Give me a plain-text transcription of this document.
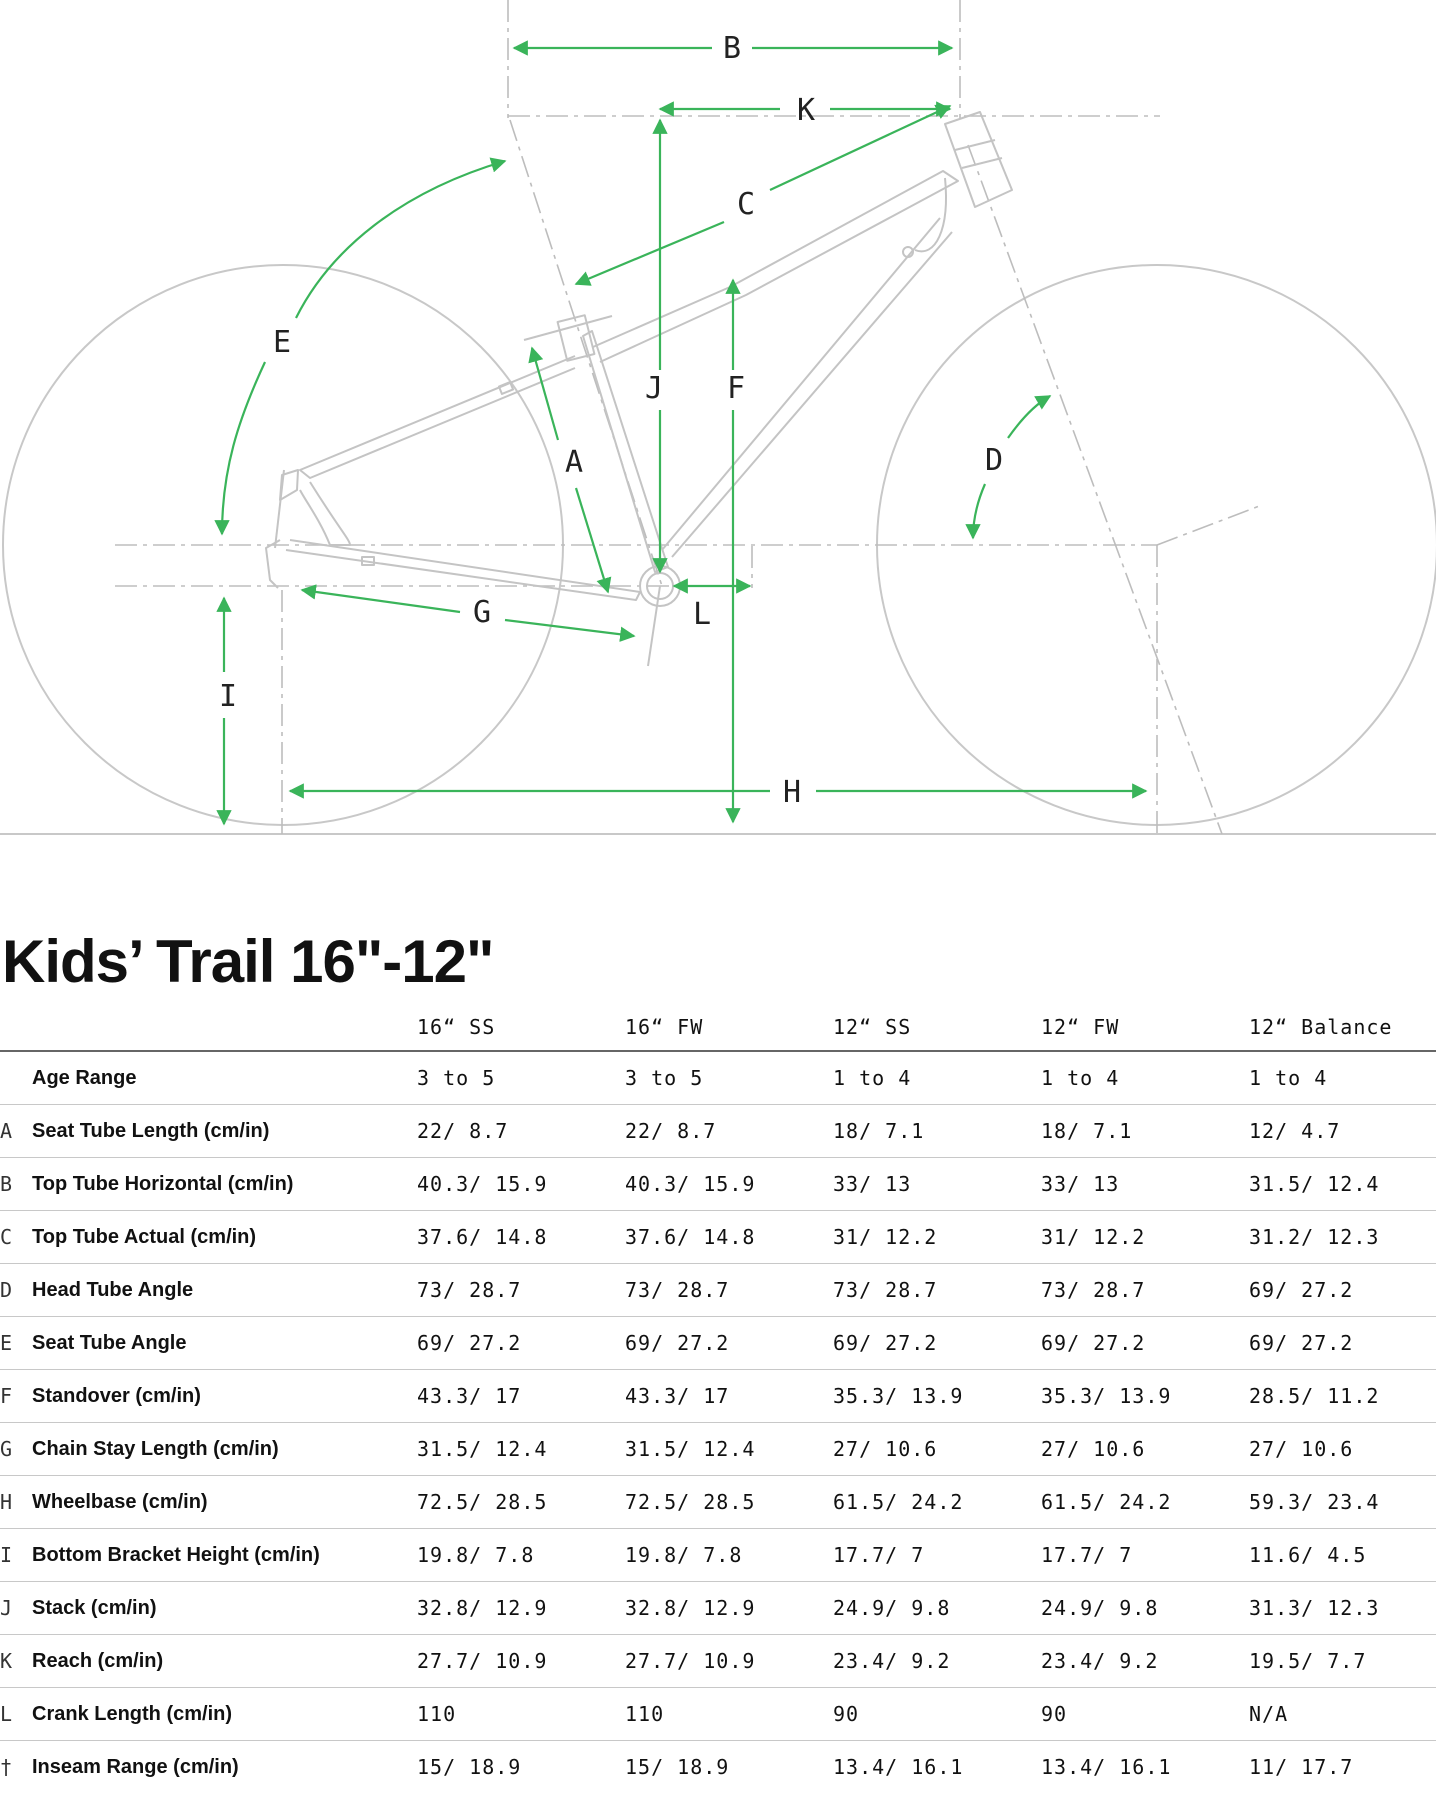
B
K
C
E
J F
A	D
G	L
I
H
Kids’ Trail 16"-12"
		16“ SS	16“ FW	12“ SS	12“ FW	12“ Balance
	Age Range	3 to 5	3 to 5	1 to 4	1 to 4	1 to 4
A	Seat Tube Length (cm/in)	22/ 8.7	22/ 8.7	18/ 7.1	18/ 7.1	12/ 4.7
B	Top Tube Horizontal (cm/in)	40.3/ 15.9	40.3/ 15.9	33/ 13	33/ 13	31.5/ 12.4
C	Top Tube Actual (cm/in)	37.6/ 14.8	37.6/ 14.8	31/ 12.2	31/ 12.2	31.2/ 12.3
D	Head Tube Angle	73/ 28.7	73/ 28.7	73/ 28.7	73/ 28.7	69/ 27.2
E	Seat Tube Angle	69/ 27.2	69/ 27.2	69/ 27.2	69/ 27.2	69/ 27.2
F	Standover (cm/in)	43.3/ 17	43.3/ 17	35.3/ 13.9	35.3/ 13.9	28.5/ 11.2
G	Chain Stay Length (cm/in)	31.5/ 12.4	31.5/ 12.4	27/ 10.6	27/ 10.6	27/ 10.6
H	Wheelbase (cm/in)	72.5/ 28.5	72.5/ 28.5	61.5/ 24.2	61.5/ 24.2	59.3/ 23.4
I	Bottom Bracket Height (cm/in)	19.8/ 7.8	19.8/ 7.8	17.7/ 7	17.7/ 7	11.6/ 4.5
J	Stack (cm/in)	32.8/ 12.9	32.8/ 12.9	24.9/ 9.8	24.9/ 9.8	31.3/ 12.3
K	Reach (cm/in)	27.7/ 10.9	27.7/ 10.9	23.4/ 9.2	23.4/ 9.2	19.5/ 7.7
L	Crank Length (cm/in)	110	110	90	90	N/A
†	Inseam Range (cm/in)	15/ 18.9	15/ 18.9	13.4/ 16.1	13.4/ 16.1	11/ 17.7
